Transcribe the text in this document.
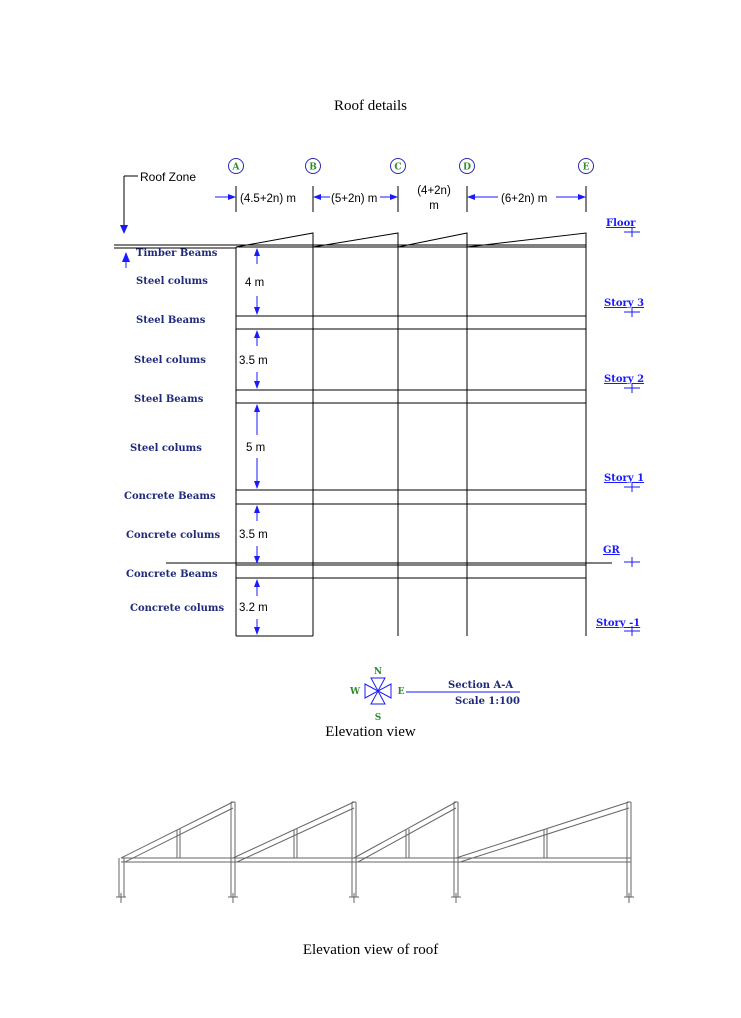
Roof details
Roof Zone
A	B	C	D	E
(4.5+2n) m	(5+2n) m
(4+2n)
m
(6+2n) m
Timber Beams
Steel colums
Steel Beams
Steel colums
Steel Beams
Steel colums
Concrete Beams
Concrete colums
Concrete Beams
Concrete colums
4 m
3.5 m
5 m
3.5 m
3.2 m
Floor
Story 3
Story 2
Story 1
GR
Story -1
N
S
W	E
Section A-A
Scale 1:100
Elevation view
Elevation view of roof
